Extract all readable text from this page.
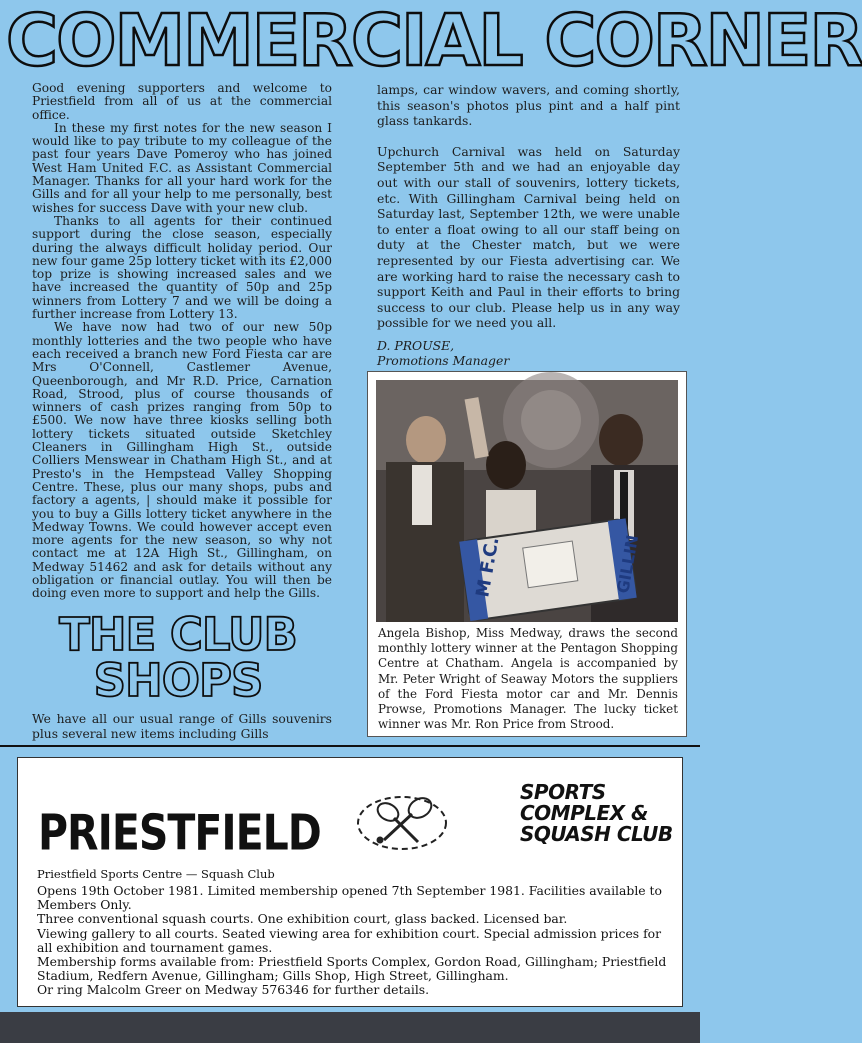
COMMERCIAL CORNER

Good evening supporters and welcome to Priestfield from all of us at the commercial office.

In these my first notes for the new season I would like to pay tribute to my colleague of the past four years Dave Pomeroy who has joined West Ham United F.C. as Assistant Commercial Manager. Thanks for all your hard work for the Gills and for all your help to me personally, best wishes for success Dave with your new club.

Thanks to all agents for their continued support during the close season, especially during the always difficult holiday period. Our new four game 25p lottery ticket with its £2,000 top prize is showing increased sales and we have increased the quantity of 50p and 25p winners from Lottery 7 and we will be doing a further increase from Lottery 13.

We have now had two of our new 50p monthly lotteries and the two people who have each received a branch new Ford Fiesta car are Mrs O'Connell, Castlemer Avenue, Queenborough, and Mr R.D. Price, Carnation Road, Strood, plus of course thousands of winners of cash prizes ranging from 50p to £500. We now have three kiosks selling both lottery tickets situated outside Sketchley Cleaners in Gillingham High St., outside Colliers Menswear in Chatham High St., and at Presto's in the Hempstead Valley Shopping Centre. These, plus our many shops, pubs and factory a agents, | should make it possible for you to buy a Gills lottery ticket anywhere in the Medway Towns. We could however accept even more agents for the new season, so why not contact me at 12A High St., Gillingham, on Medway 51462 and ask for details without any obligation or financial outlay. You will then be doing even more to support and help the Gills.

THE CLUB
SHOPS
We have all our usual range of Gills souvenirs plus several new items including Gills

lamps, car window wavers, and coming shortly, this season's photos plus pint and a half pint glass tankards.

Upchurch Carnival was held on Saturday September 5th and we had an enjoyable day out with our stall of souvenirs, lottery tickets, etc. With Gillingham Carnival being held on Saturday last, September 12th, we were unable to enter a float owing to all our staff being on duty at the Chester match, but we were represented by our Fiesta advertising car. We are working hard to raise the necessary cash to support Keith and Paul in their efforts to bring success to our club. Please help us in any way possible for we need you all.

D. PROUSE,
Promotions Manager
M F.C.	GILLIN
Angela Bishop, Miss Medway, draws the second monthly lottery winner at the Pentagon Shopping Centre at Chatham. Angela is accompanied by Mr. Peter Wright of Seaway Motors the suppliers of the Ford Fiesta motor car and Mr. Dennis Prowse, Promotions Manager. The lucky ticket winner was Mr. Ron Price from Strood.
PRIESTFIELD
SPORTS
COMPLEX &
SQUASH CLUB
Priestfield Sports Centre — Squash Club

Opens 19th October 1981. Limited membership opened 7th September 1981. Facilities available to Members Only.

Three conventional squash courts. One exhibition court, glass backed. Licensed bar.

Viewing gallery to all courts. Seated viewing area for exhibition court. Special admission prices for all exhibition and tournament games.

Membership forms available from: Priestfield Sports Complex, Gordon Road, Gillingham; Priestfield Stadium, Redfern Avenue, Gillingham; Gills Shop, High Street, Gillingham.

Or ring Malcolm Greer on Medway 576346 for further details.
